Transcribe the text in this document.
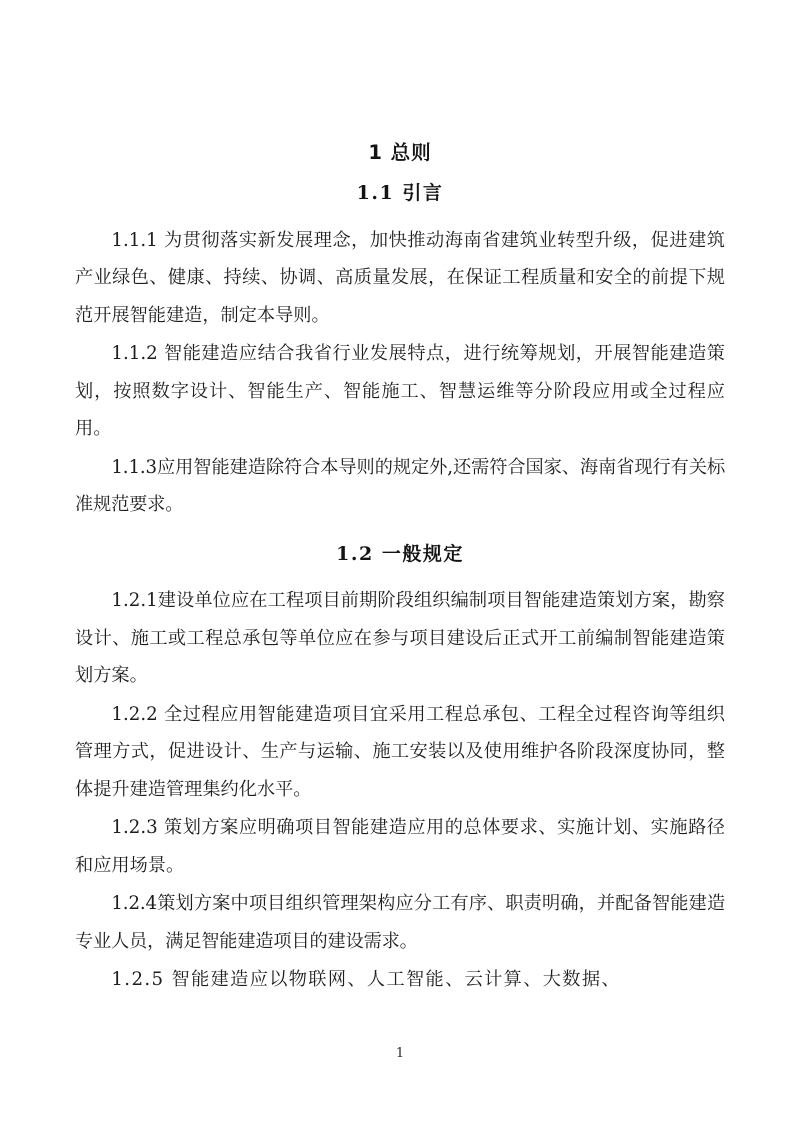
1 总则
1.1 引言

1.1.1 为贯彻落实新发展理念，加快推动海南省建筑业转型升级，促进建筑产业绿色、健康、持续、协调、高质量发展，在保证工程质量和安全的前提下规范开展智能建造，制定本导则。

1.1.2 智能建造应结合我省行业发展特点，进行统筹规划，开展智能建造策划，按照数字设计、智能生产、智能施工、智慧运维等分阶段应用或全过程应用。

1.1.3应用智能建造除符合本导则的规定外,还需符合国家、海南省现行有关标准规范要求。

1.2 一般规定

1.2.1建设单位应在工程项目前期阶段组织编制项目智能建造策划方案，勘察设计、施工或工程总承包等单位应在参与项目建设后正式开工前编制智能建造策划方案。

1.2.2 全过程应用智能建造项目宜采用工程总承包、工程全过程咨询等组织管理方式，促进设计、生产与运输、施工安装以及使用维护各阶段深度协同，整体提升建造管理集约化水平。

1.2.3 策划方案应明确项目智能建造应用的总体要求、实施计划、实施路径和应用场景。

1.2.4策划方案中项目组织管理架构应分工有序、职责明确，并配备智能建造专业人员，满足智能建造项目的建设需求。

1.2.5 智能建造应以物联网、人工智能、云计算、大数据、

1
